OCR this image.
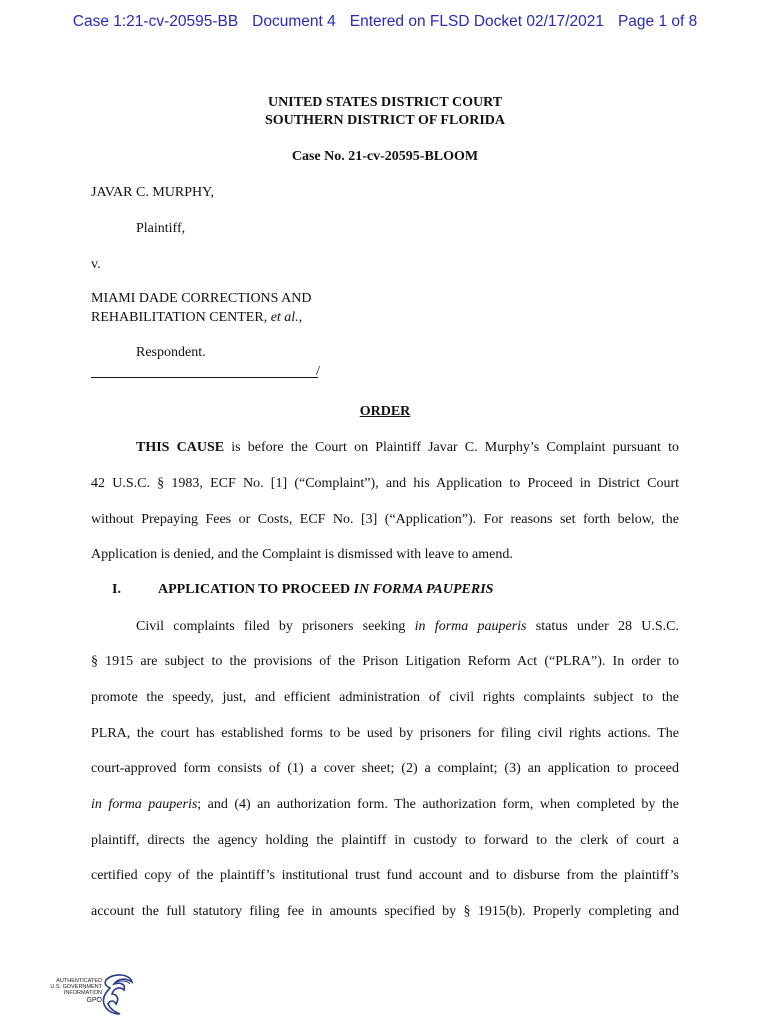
Case 1:21-cv-20595-BB Document 4 Entered on FLSD Docket 02/17/2021 Page 1 of 8
UNITED STATES DISTRICT COURT
SOUTHERN DISTRICT OF FLORIDA
Case No. 21-cv-20595-BLOOM
JAVAR C. MURPHY,
Plaintiff,
v.
MIAMI DADE CORRECTIONS AND
REHABILITATION CENTER, et al.,
Respondent.
/
ORDER
THIS CAUSE is before the Court on Plaintiff Javar C. Murphy’s Complaint pursuant to
42 U.S.C. § 1983, ECF No. [1] (“Complaint”), and his Application to Proceed in District Court
without Prepaying Fees or Costs, ECF No. [3] (“Application”). For reasons set forth below, the
Application is denied, and the Complaint is dismissed with leave to amend.
I.	APPLICATION TO PROCEED IN FORMA PAUPERIS
Civil complaints filed by prisoners seeking in forma pauperis status under 28 U.S.C.
§ 1915 are subject to the provisions of the Prison Litigation Reform Act (“PLRA”). In order to
promote the speedy, just, and efficient administration of civil rights complaints subject to the
PLRA, the court has established forms to be used by prisoners for filing civil rights actions. The
court-approved form consists of (1) a cover sheet; (2) a complaint; (3) an application to proceed
in forma pauperis; and (4) an authorization form. The authorization form, when completed by the
plaintiff, directs the agency holding the plaintiff in custody to forward to the clerk of court a
certified copy of the plaintiff’s institutional trust fund account and to disburse from the plaintiff’s
account the full statutory filing fee in amounts specified by § 1915(b). Properly completing and
AUTHENTICATED
U.S. GOVERNMENT
INFORMATION
GPO
